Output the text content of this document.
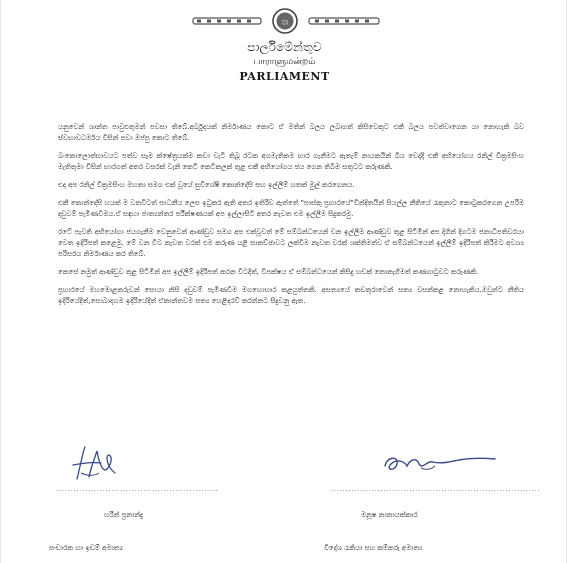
ශ
පාර්ලිමේන්තුව
பாராளுமன்றம்
PARLIAMENT

යනුවෙන් ශාන්ත පාවුළුතුමන් පවසා තිබේ.අර්බුදයක් නිර්මාණය කොට ඒ මතින් බලය ලබාගත් කිසිවෙකුට එකී බලය පවත්වාගෙන යා නොහැකි බව ස්වභාවධර්මය විසින් පවා ඔප්පු කොට තිබේ.

බංකොලොත්භාවයට පත්ව සෑම ක්ෂේත්‍රයක්ම කඩා වැටී තිබූ රටක අගමැතිකම භාර ගැනීමට ඇතැම් නායකයින් බිය වෙද්දී එකී අභියෝගය රනිල් වික්‍රමසිංහ මැතිතුමා විසින් භාරගත් අතර වසරක් වැනි කෙටි කෙටිකලක් තුළ එකී අභියෝගය ජය ගෙන තිබීම සතුටට කරුණකි.

එදා අප රනිල් වික්‍රමසිංහ මහතා සමග එක් වූයේ සුවිශේෂී කොන්දේසි සහ ඉල්ලීම් හතක් මුල් කරගෙනය.

එකී කොන්දේසි හයක් ම වනවිටත් සාධනීය ලෙස ඉටුකර ඇති අතර ඉතිරිව ඇත්තේ "පාස්කු ප්‍රහාරයේ"වින්දිතයින් සියල්ල නීතියේ රැකුනාට කොටුකරගෙන උපරිම දඩුවම් පැමිණවීමය.ඒ සඳහා ජාත්‍යන්තර පරීක්ෂණයක් අප ඉල්ලාසිටි අතර නැවත එම ඉල්ලීම සිදුකරමු.

රටේ පැවති අභියෝගා ජයගැනීම වෙනුවෙන් ආණ්ඩුව සමග අප එක්වූවත් මේ සම්බන්ධයෙන් වන ඉල්ලීම ආණ්ඩුව තුළ සිටිමින් අප දිගින් දිගටම ජනාධිපතිවරයා වෙත ඉදිරිපත් කළෙමු. මේ වන විට නැවත වරක් එම කරුණ යළි සාකච්ඡාවට ලක්විම නැවත වරක් ශක්තිමත්ව ඒ සම්බන්ධයෙන් ඉල්ලීම් ඉදිරිපත් කිරීමට අවශ්‍ය පරිසරය නිර්මාණය කර තිබේ.

කෙසේ නමුත් ආණ්ඩුව තුළ සිටිමින් අප ඉල්ලීම් ඉදිරිපත් කරන විටදීත්, විපක්ෂය ඒ සම්බන්ධයෙන් කිසිදු හඩක් නොනැගීමත් කණගාටුවට කරුණකි.

ප්‍රහාරයේ මහමොළකරුවන් සොයා නිසි දඩුවම් පැමිණවීම මගහොභාර කළයුත්තකි. අසත්‍යයේ කඩතුරාවෙන් සත්‍ය වසන්කළ නොහැකිය.ඔවුන්ට නීතිය ඉදිරියේදීත්,සොබාදහම ඉදිරියේදීත් ඒකාන්තවම සත්‍ය හෙළිදරව් කරන්නට සිදුවනු ඇත.

........................................................	........................................................................
හරින් ප්‍රනාන්දු	මනූෂ නානායක්කාර
සංචාරක හා ඉඩම් අමාත්‍ය	විදේශ රැකියා සහ කම්කරු අමාත්‍ය
